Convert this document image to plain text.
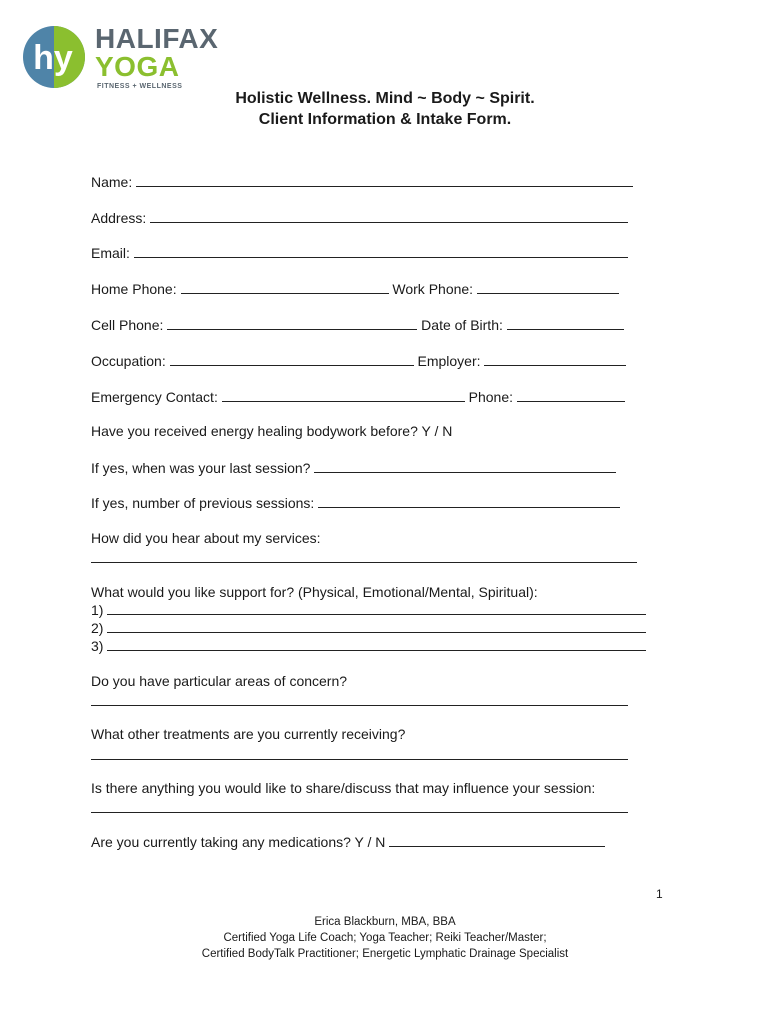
hy
HALIFAX
YOGA
FITNESS + WELLNESS
Holistic Wellness. Mind ~ Body ~ Spirit.
Client Information & Intake Form.
Name:
Address:
Email:
Home Phone:	Work Phone:
Cell Phone:	Date of Birth:
Occupation:	Employer:
Emergency Contact:	Phone:
Have you received energy healing bodywork before? Y / N
If yes, when was your last session?
If yes, number of previous sessions:
How did you hear about my services:
What would you like support for? (Physical, Emotional/Mental, Spiritual):
1)
2)
3)
Do you have particular areas of concern?
What other treatments are you currently receiving?
Is there anything you would like to share/discuss that may influence your session:
Are you currently taking any medications? Y / N
1
Erica Blackburn, MBA, BBA
Certified Yoga Life Coach; Yoga Teacher; Reiki Teacher/Master;
Certified BodyTalk Practitioner; Energetic Lymphatic Drainage Specialist
